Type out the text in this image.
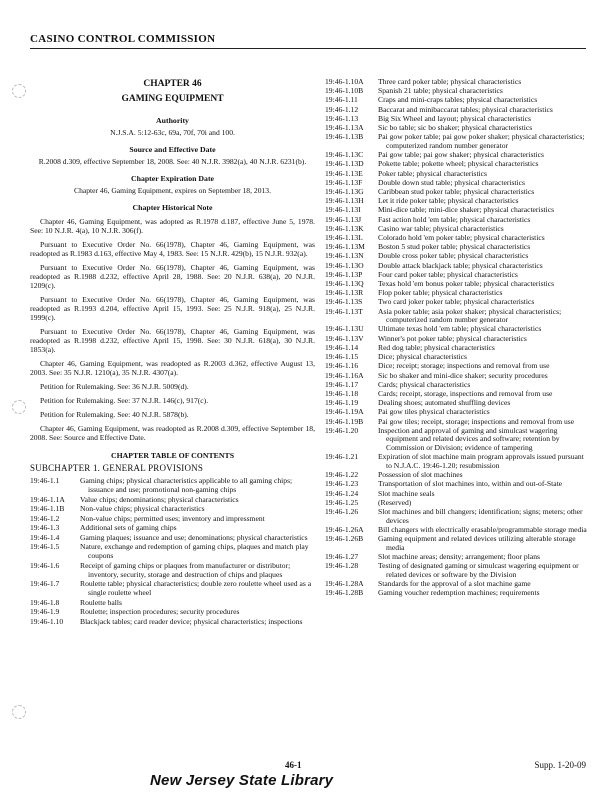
CASINO CONTROL COMMISSION
CHAPTER 46
GAMING EQUIPMENT
Authority
N.J.S.A. 5:12-63c, 69a, 70f, 70i and 100.
Source and Effective Date
R.2008 d.309, effective September 18, 2008. See: 40 N.J.R. 3982(a), 40 N.J.R. 6231(b).
Chapter Expiration Date
Chapter 46, Gaming Equipment, expires on September 18, 2013.
Chapter Historical Note

Chapter 46, Gaming Equipment, was adopted as R.1978 d.187, effective June 5, 1978. See: 10 N.J.R. 4(a), 10 N.J.R. 306(f).

Pursuant to Executive Order No. 66(1978), Chapter 46, Gaming Equipment, was readopted as R.1983 d.163, effective May 4, 1983. See: 15 N.J.R. 429(b), 15 N.J.R. 932(a).

Pursuant to Executive Order No. 66(1978), Chapter 46, Gaming Equipment, was readopted as R.1988 d.232, effective April 28, 1988. See: 20 N.J.R. 638(a), 20 N.J.R. 1209(c).

Pursuant to Executive Order No. 66(1978), Chapter 46, Gaming Equipment, was readopted as R.1993 d.204, effective April 15, 1993. See: 25 N.J.R. 918(a), 25 N.J.R. 1999(c).

Pursuant to Executive Order No. 66(1978), Chapter 46, Gaming Equipment, was readopted as R.1998 d.232, effective April 15, 1998. See: 30 N.J.R. 618(a), 30 N.J.R. 1853(a).

Chapter 46, Gaming Equipment, was readopted as R.2003 d.362, effective August 13, 2003. See: 35 N.J.R. 1210(a), 35 N.J.R. 4307(a).

Petition for Rulemaking. See: 36 N.J.R. 5009(d).

Petition for Rulemaking. See: 37 N.J.R. 146(c), 917(c).

Petition for Rulemaking. See: 40 N.J.R. 5878(b).

Chapter 46, Gaming Equipment, was readopted as R.2008 d.309, effective September 18, 2008. See: Source and Effective Date.

CHAPTER TABLE OF CONTENTS
SUBCHAPTER 1. GENERAL PROVISIONS
19:46-1.1	Gaming chips; physical characteristics applicable to all gaming chips; issuance and use; promotional non-gaming chips
19:46-1.1A	Value chips; denominations; physical characteristics
19:46-1.1B	Non-value chips; physical characteristics
19:46-1.2	Non-value chips; permitted uses; inventory and impressment
19:46-1.3	Additional sets of gaming chips
19:46-1.4	Gaming plaques; issuance and use; denominations; physical characteristics
19:46-1.5	Nature, exchange and redemption of gaming chips, plaques and match play coupons
19:46-1.6	Receipt of gaming chips or plaques from manufacturer or distributor; inventory, security, storage and destruction of chips and plaques
19:46-1.7	Roulette table; physical characteristics; double zero roulette wheel used as a single roulette wheel
19:46-1.8	Roulette balls
19:46-1.9	Roulette; inspection procedures; security procedures
19:46-1.10	Blackjack tables; card reader device; physical characteristics; inspections
19:46-1.10A	Three card poker table; physical characteristics
19:46-1.10B	Spanish 21 table; physical characteristics
19:46-1.11	Craps and mini-craps tables; physical characteristics
19:46-1.12	Baccarat and minibaccarat tables; physical characteristics
19:46-1.13	Big Six Wheel and layout; physical characteristics
19:46-1.13A	Sic bo table; sic bo shaker; physical characteristics
19:46-1.13B	Pai gow poker table; pai gow poker shaker; physical characteristics; computerized random number generator
19:46-1.13C	Pai gow table; pai gow shaker; physical characteristics
19:46-1.13D	Pokette table; pokette wheel; physical characteristics
19:46-1.13E	Poker table; physical characteristics
19:46-1.13F	Double down stud table; physical characteristics
19:46-1.13G	Caribbean stud poker table; physical characteristics
19:46-1.13H	Let it ride poker table; physical characteristics
19:46-1.13I	Mini-dice table; mini-dice shaker; physical characteristics
19:46-1.13J	Fast action hold 'em table; physical characteristics
19:46-1.13K	Casino war table; physical characteristics
19:46-1.13L	Colorado hold 'em poker table; physical characteristics
19:46-1.13M	Boston 5 stud poker table; physical characteristics
19:46-1.13N	Double cross poker table; physical characteristics
19:46-1.13O	Double attack blackjack table; physical characteristics
19:46-1.13P	Four card poker table; physical characteristics
19:46-1.13Q	Texas hold 'em bonus poker table; physical characteristics
19:46-1.13R	Flop poker table; physical characteristics
19:46-1.13S	Two card joker poker table; physical characteristics
19:46-1.13T	Asia poker table; asia poker shaker; physical characteristics; computerized random number generator
19:46-1.13U	Ultimate texas hold 'em table; physical characteristics
19:46-1.13V	Winner's pot poker table; physical characteristics
19:46-1.14	Red dog table; physical characteristics
19:46-1.15	Dice; physical characteristics
19:46-1.16	Dice; receipt; storage; inspections and removal from use
19:46-1.16A	Sic bo shaker and mini-dice shaker; security procedures
19:46-1.17	Cards; physical characteristics
19:46-1.18	Cards; receipt, storage, inspections and removal from use
19:46-1.19	Dealing shoes; automated shuffling devices
19:46-1.19A	Pai gow tiles physical characteristics
19:46-1.19B	Pai gow tiles; receipt, storage; inspections and removal from use
19:46-1.20	Inspection and approval of gaming and simulcast wagering equipment and related devices and software; retention by Commission or Division; evidence of tampering
19:46-1.21	Expiration of slot machine main program approvals issued pursuant to N.J.A.C. 19:46-1.20; resubmission
19:46-1.22	Possession of slot machines
19:46-1.23	Transportation of slot machines into, within and out-of-State
19:46-1.24	Slot machine seals
19:46-1.25	(Reserved)
19:46-1.26	Slot machines and bill changers; identification; signs; meters; other devices
19:46-1.26A	Bill changers with electrically erasable/programmable storage media
19:46-1.26B	Gaming equipment and related devices utilizing alterable storage media
19:46-1.27	Slot machine areas; density; arrangement; floor plans
19:46-1.28	Testing of designated gaming or simulcast wagering equipment or related devices or software by the Division
19:46-1.28A	Standards for the approval of a slot machine game
19:46-1.28B	Gaming voucher redemption machines; requirements
46-1	Supp. 1-20-09
New Jersey State Library
